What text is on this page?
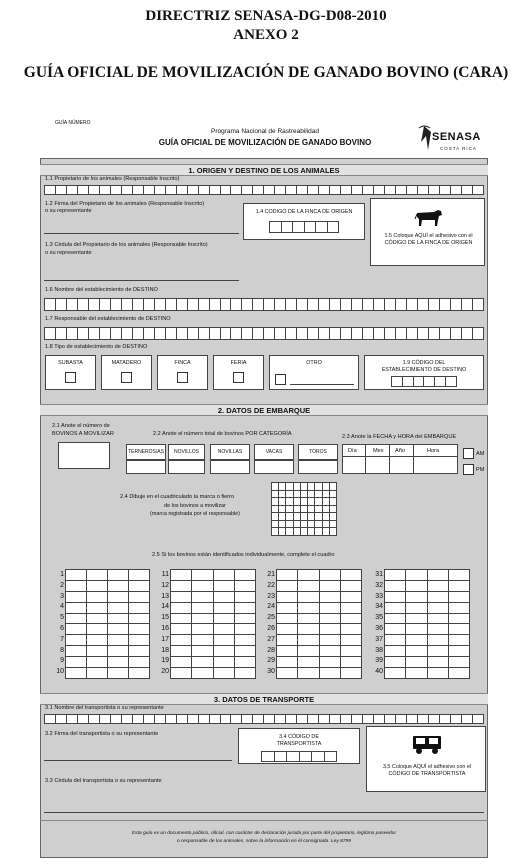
DIRECTRIZ SENASA-DG-D08-2010
ANEXO 2
GUÍA OFICIAL DE MOVILIZACIÓN DE GANADO BOVINO (CARA)
GUÍA NÚMERO
Programa Nacional de Rastreabilidad
GUÍA OFICIAL DE MOVILIZACIÓN DE GANADO BOVINO	SENASA
COSTA RICA
1. ORIGEN Y DESTINO DE LOS ANIMALES
1.1 Propietario de los animales (Responsable Inscrito)
1.2 Firma del Propietario de los animales (Responsable Inscrito)
o su representante	1.4 CODIGO DE LA FINCA DE ORIGEN
1.5 Coloque AQUÍ el adhesivo con el
CÓDIGO DE LA FINCA DE ORIGEN
1.3 Cédula del Propietario de los animales (Responsable Inscrito)
o su representante
1.6 Nombre del establecimiento de DESTINO
1.7 Responsable del establecimiento de DESTINO
1.8 Tipo de establecimiento de DESTINO
SUBASTA	MATADERO	FINCA	FERIA	OTRO	1.9 CÓDIGO DEL
ESTABLECIMIENTO DE DESTINO
2. DATOS DE EMBARQUE
2.1 Anote el número de
BOVINOS A MOVILIZAR	2.2 Anote el número total de bovinos POR CATEGORÍA
TERNEROS/AS	NOVILLOS	NOVILLAS	VACAS	TOROS
2.3 Anote la FECHA y HORA del EMBARQUE
Día	Mes Año	Hora	AM
PM
2.4 Dibuje en el cuadriculado la marca o fierro
de los bovinos a movilizar
(marca registrada por el responsable)
2.5 Si los bovinos están identificados individualmente, complete el cuadro
1
2
3
4
5
6
7
8
9
10
11
12
13
14
15
16
17
18
19
20
21
22
23
24
25
26
27
28
29
30
31
32
33
34
35
36
37
38
39
40
3. DATOS DE TRANSPORTE
3.1 Nombre del transportista o su representante
3.2 Firma del transportista o su representante	3.4 CÓDIGO DE
TRANSPORTISTA
3.5 Coloque AQUÍ el adhesivo con el
CÓDIGO DE TRANSPORTISTA
3.3 Cédula del transportista o su representante
Esta guía es un documento público, oficial, con carácter de declaración jurada por parte del propietario, legítimo poseedor
o responsable de los animales, sobre la información en él consignada. Ley 8799
